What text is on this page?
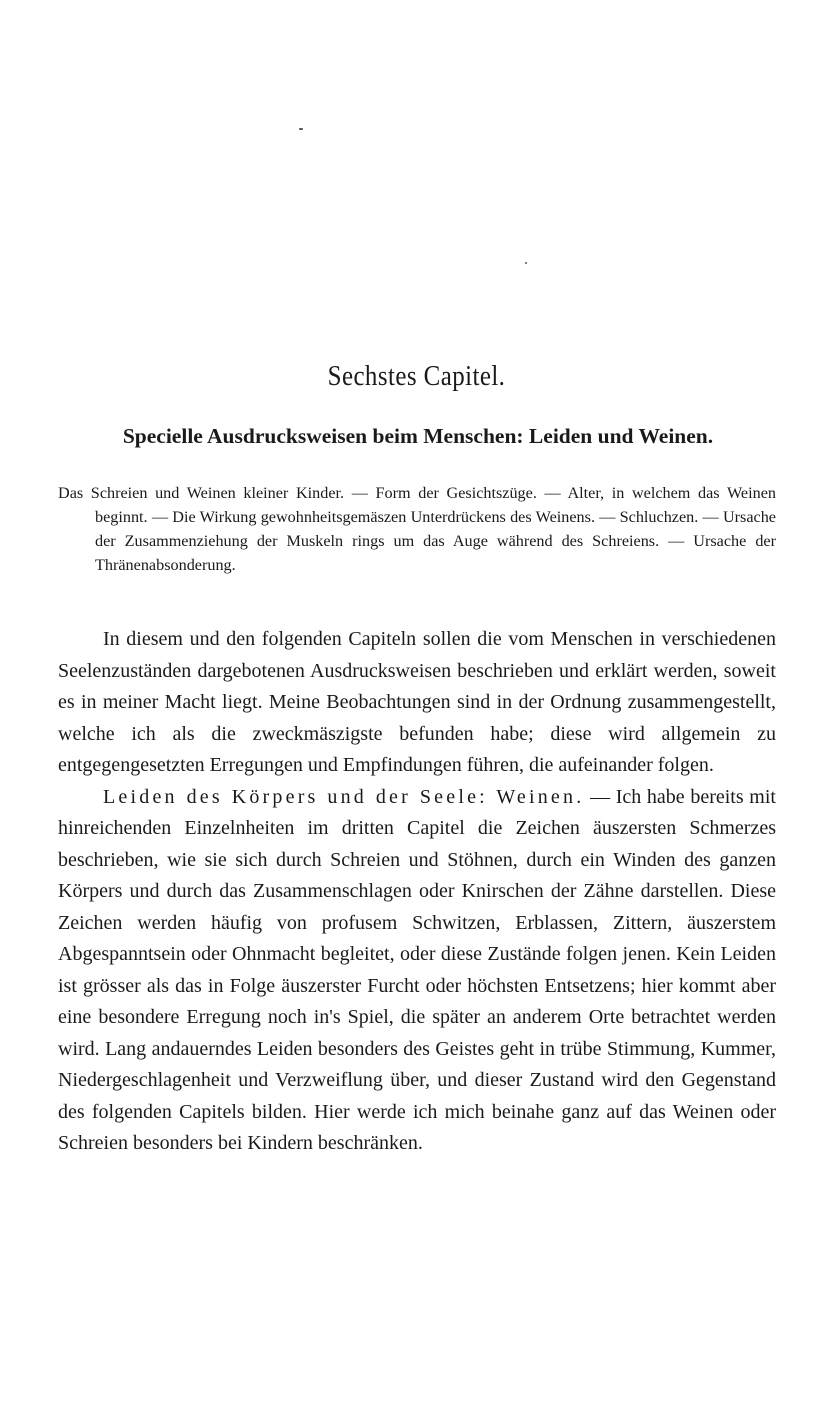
Sechstes Capitel.
Specielle Ausdrucksweisen beim Menschen: Leiden und Weinen.

Das Schreien und Weinen kleiner Kinder. — Form der Gesichtszüge. — Alter, in welchem das Weinen beginnt. — Die Wirkung gewohnheitsgemäszen Unterdrückens des Weinens. — Schluchzen. — Ursache der Zusammenziehung der Muskeln rings um das Auge während des Schreiens. — Ursache der Thränenabsonderung.

In diesem und den folgenden Capiteln sollen die vom Menschen in verschiedenen Seelenzuständen dargebotenen Ausdrucksweisen beschrieben und erklärt werden, soweit es in meiner Macht liegt. Meine Beobachtungen sind in der Ordnung zusammengestellt, welche ich als die zweckmäszigste befunden habe; diese wird allgemein zu entgegengesetzten Erregungen und Empfindungen führen, die aufeinander folgen.

Leiden des Körpers und der Seele: Weinen. — Ich habe bereits mit hinreichenden Einzelnheiten im dritten Capitel die Zeichen äuszersten Schmerzes beschrieben, wie sie sich durch Schreien und Stöhnen, durch ein Winden des ganzen Körpers und durch das Zusammenschlagen oder Knirschen der Zähne darstellen. Diese Zeichen werden häufig von profusem Schwitzen, Erblassen, Zittern, äuszerstem Abgespanntsein oder Ohnmacht begleitet, oder diese Zustände folgen jenen. Kein Leiden ist grösser als das in Folge äuszerster Furcht oder höchsten Entsetzens; hier kommt aber eine besondere Erregung noch in's Spiel, die später an anderem Orte betrachtet werden wird. Lang andauerndes Leiden besonders des Geistes geht in trübe Stimmung, Kummer, Niedergeschlagenheit und Verzweiflung über, und dieser Zustand wird den Gegenstand des folgenden Capitels bilden. Hier werde ich mich beinahe ganz auf das Weinen oder Schreien besonders bei Kindern beschränken.
